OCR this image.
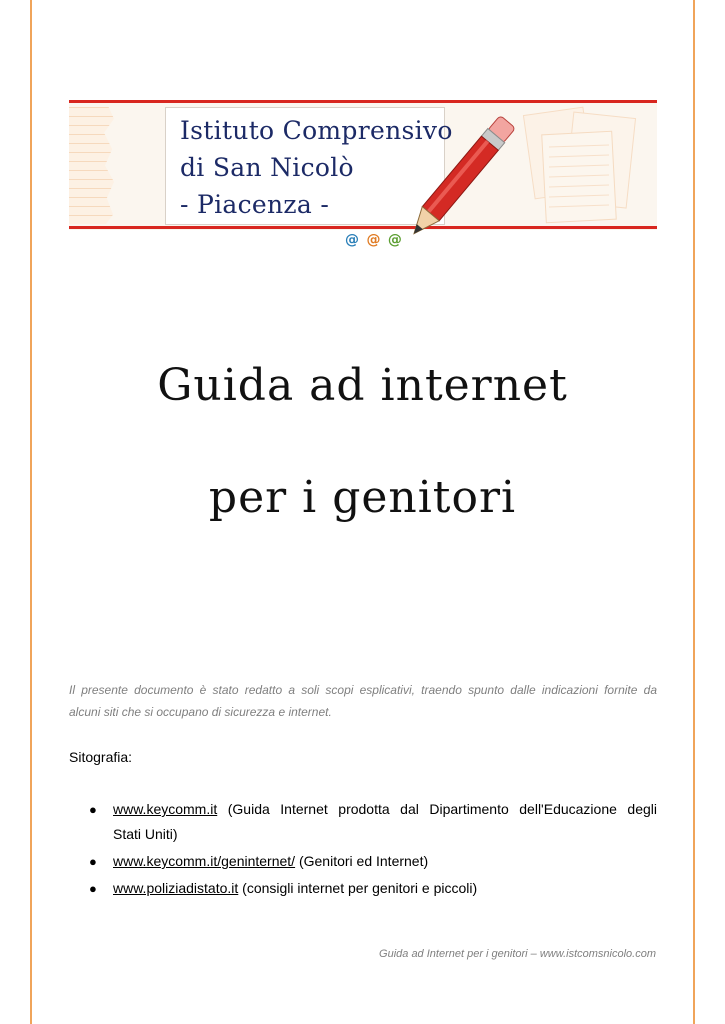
Istituto Comprensivo
di San Nicolò
- Piacenza -
@ @ @
Guida ad internet
per i genitori
Il presente documento è stato redatto a soli scopi esplicativi, traendo spunto dalle indicazioni fornite da
alcuni siti che si occupano di sicurezza e internet.
Sitografia:
● www.keycomm.it (Guida Internet prodotta dal Dipartimento dell'Educazione degli
Stati Uniti)
● www.keycomm.it/geninternet/ (Genitori ed Internet)
● www.poliziadistato.it (consigli internet per genitori e piccoli)
Guida ad Internet per i genitori – www.istcomsnicolo.com
